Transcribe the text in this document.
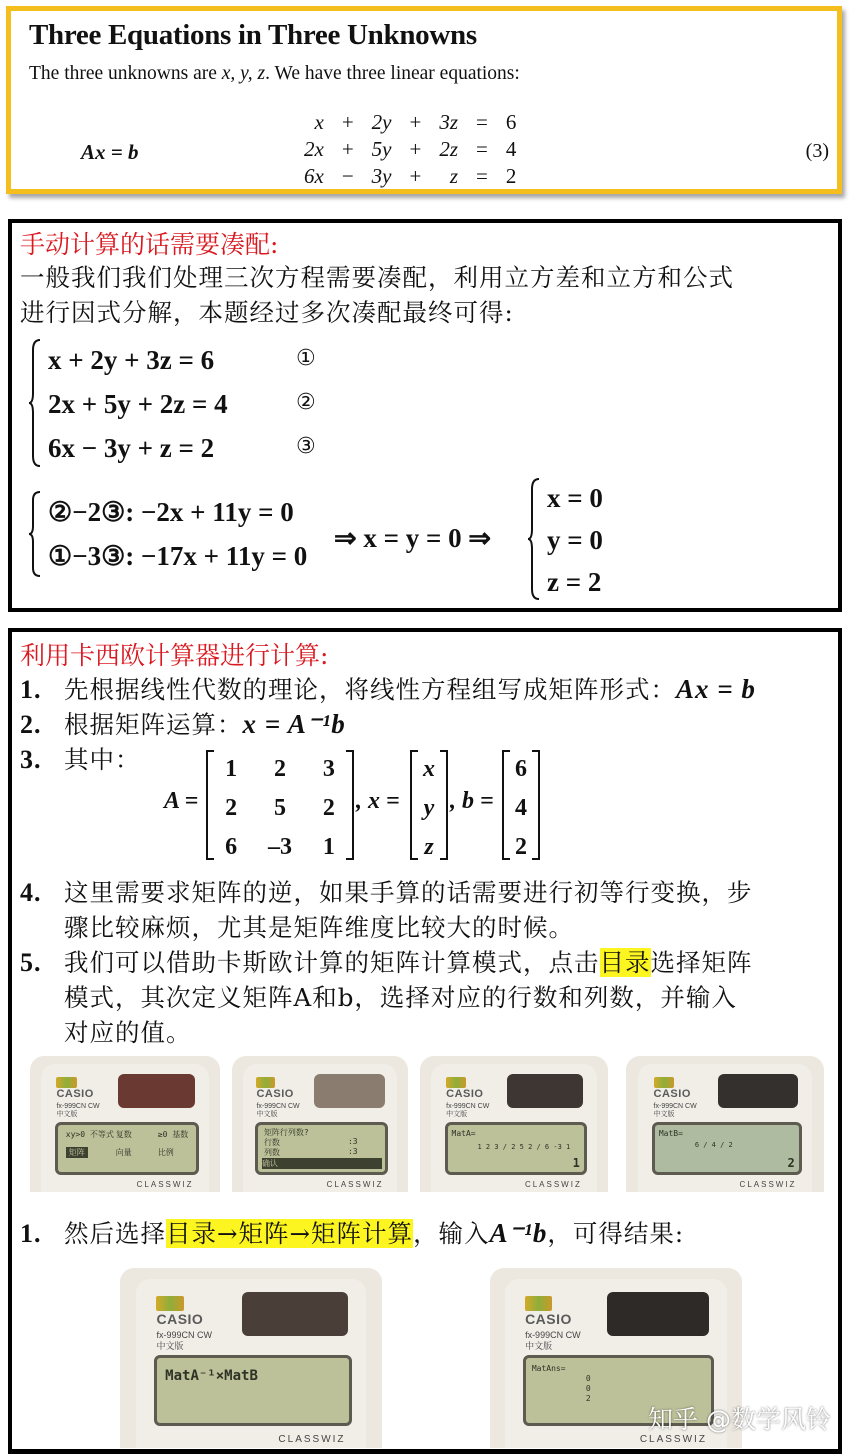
Three Equations in Three Unknowns
The three unknowns are x, y, z. We have three linear equations:
Ax = b
x	+	2y	+	3z	=	6
2x	+	5y	+	2z	=	4
6x	−	3y	+	z	=	2
(3)
手动计算的话需要凑配:
一般我们我们处理三次方程需要凑配，利用立方差和立方和公式
进行因式分解，本题经过多次凑配最终可得:
x + 2y + 3z = 6
2x + 5y + 2z = 4
6x − 3y + z = 2
①
②
③
②−2③: −2x + 11y = 0
①−3③: −17x + 11y = 0
⇒ x = y = 0 ⇒
x = 0
y = 0
z = 2
利用卡西欧计算器进行计算:
1. 先根据线性代数的理论，将线性方程组写成矩阵形式：Ax = b
2. 根据矩阵运算：x = A⁻¹b
3. 其中：
A =
1	2	3
2	5	2
6	–3	1
, x =
x
y
z
, b =
6
4
2
4. 这里需要求矩阵的逆，如果手算的话需要进行初等行变换，步
骤比较麻烦，尤其是矩阵维度比较大的时候。
5. 我们可以借助卡斯欧计算的矩阵计算模式，点击目录选择矩阵
模式，其次定义矩阵A和b，选择对应的行数和列数，并输入
对应的值。
CASIO
fx-999CN CW
中文版
xy>0 不等式 复数	≥0 基数
矩阵	向量	比例
CLASSWIZ
CASIO
fx-999CN CW
中文版
矩阵行列数?
行数	:3
列数	:3
确认
CLASSWIZ
CASIO
fx-999CN CW
中文版
MatA=
1 2 3 / 2 5 2 / 6 -3 1
1
CLASSWIZ
CASIO
fx-999CN CW
中文版
MatB=
6 / 4 / 2
2
CLASSWIZ
1. 然后选择目录→矩阵→矩阵计算，输入A⁻¹b，可得结果:
CASIO
fx-999CN CW
中文版
MatA⁻¹×MatB
CLASSWIZ
CASIO
fx-999CN CW
中文版
MatAns=
0
0
2
CLASSWIZ
知乎 @数学风铃
